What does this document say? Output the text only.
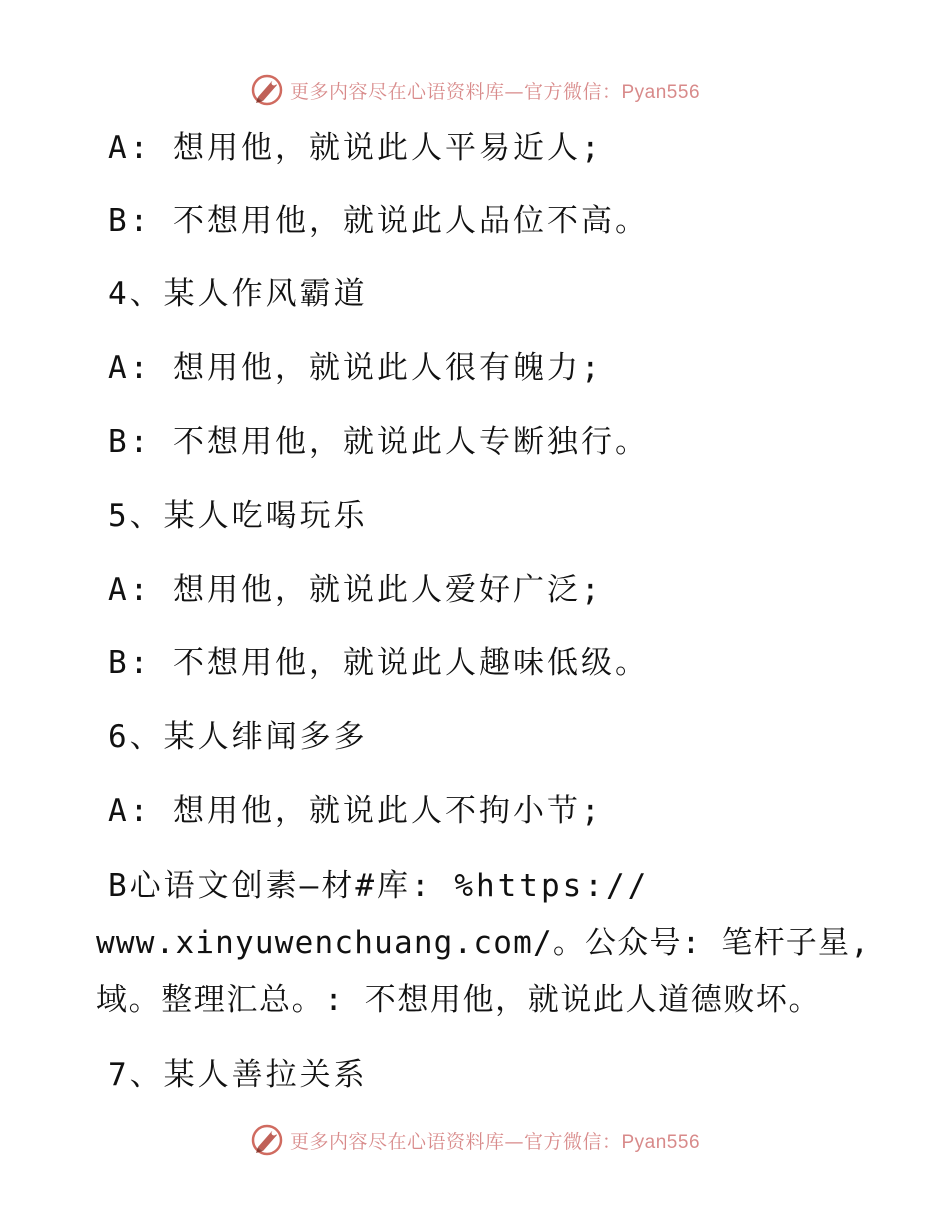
更多内容尽在心语资料库—官方微信：Pyan556
A: 想用他，就说此人平易近人;
B: 不想用他，就说此人品位不高。
4、某人作风霸道
A: 想用他，就说此人很有魄力;
B: 不想用他，就说此人专断独行。
5、某人吃喝玩乐
A: 想用他，就说此人爱好广泛;
B: 不想用他，就说此人趣味低级。
6、某人绯闻多多
A: 想用他，就说此人不拘小节;
B心语文创素—材#库: %https://
www.xinyuwenchuang.com/。公众号: 笔杆子星,
域。整理汇总。: 不想用他，就说此人道德败坏。
7、某人善拉关系
更多内容尽在心语资料库—官方微信：Pyan556
